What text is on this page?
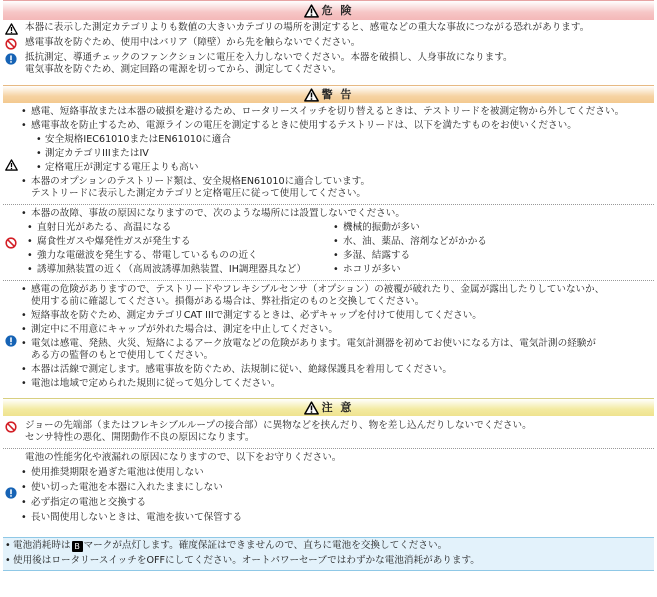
危 険
本器に表示した測定カテゴリよりも数値の大きいカテゴリの場所を測定すると、感電などの重大な事故につながる恐れがあります。
感電事故を防ぐため、使用中はバリア（障壁）から先を触らないでください。
抵抗測定、導通チェックのファンクションに電圧を入力しないでください。本器を破損し、人身事故になります。
電気事故を防ぐため、測定回路の電源を切ってから、測定してください。
警 告
• 感電、短絡事故または本器の破損を避けるため、ロータリースイッチを切り替えるときは、テストリードを被測定物から外してください。
• 感電事故を防止するため、電源ラインの電圧を測定するときに使用するテストリードは、以下を満たすものをお使いください。
• 安全規格IEC61010またはEN61010に適合
• 測定カテゴリIIIまたはIV
• 定格電圧が測定する電圧よりも高い
• 本器のオプションのテストリード類は、安全規格EN61010に適合しています。
テストリードに表示した測定カテゴリと定格電圧に従って使用してください。
• 本器の故障、事故の原因になりますので、次のような場所には設置しないでください。
• 直射日光があたる、高温になる
• 腐食性ガスや爆発性ガスが発生する
• 強力な電磁波を発生する、帯電しているものの近く
• 誘導加熱装置の近く（高周波誘導加熱装置、IH調理器具など）
• 機械的振動が多い
• 水、油、薬品、溶剤などがかかる
• 多湿、結露する
• ホコリが多い
• 感電の危険がありますので、テストリードやフレキシブルセンサ（オプション）の被覆が破れたり、金属が露出したりしていないか、
使用する前に確認してください。損傷がある場合は、弊社指定のものと交換してください。
• 短絡事故を防ぐため、測定カテゴリCAT IIIで測定するときは、必ずキャップを付けて使用してください。
• 測定中に不用意にキャップが外れた場合は、測定を中止してください。
• 電気は感電、発熱、火災、短絡によるアーク放電などの危険があります。電気計測器を初めてお使いになる方は、電気計測の経験が
ある方の監督のもとで使用してください。
• 本器は活線で測定します。感電事故を防ぐため、法規制に従い、絶縁保護具を着用してください。
• 電池は地域で定められた規則に従って処分してください。
注 意
ジョーの先端部（またはフレキシブルループの接合部）に異物などを挟んだり、物を差し込んだりしないでください。
センサ特性の悪化、開閉動作不良の原因になります。
電池の性能劣化や液漏れの原因になりますので、以下をお守りください。
• 使用推奨期限を過ぎた電池は使用しない
• 使い切った電池を本器に入れたままにしない
• 必ず指定の電池と交換する
• 長い間使用しないときは、電池を抜いて保管する
• 電池消耗時は B マークが点灯します。確度保証はできませんので、直ちに電池を交換してください。
• 使用後はロータリースイッチをOFFにしてください。オートパワーセーブではわずかな電池消耗があります。
